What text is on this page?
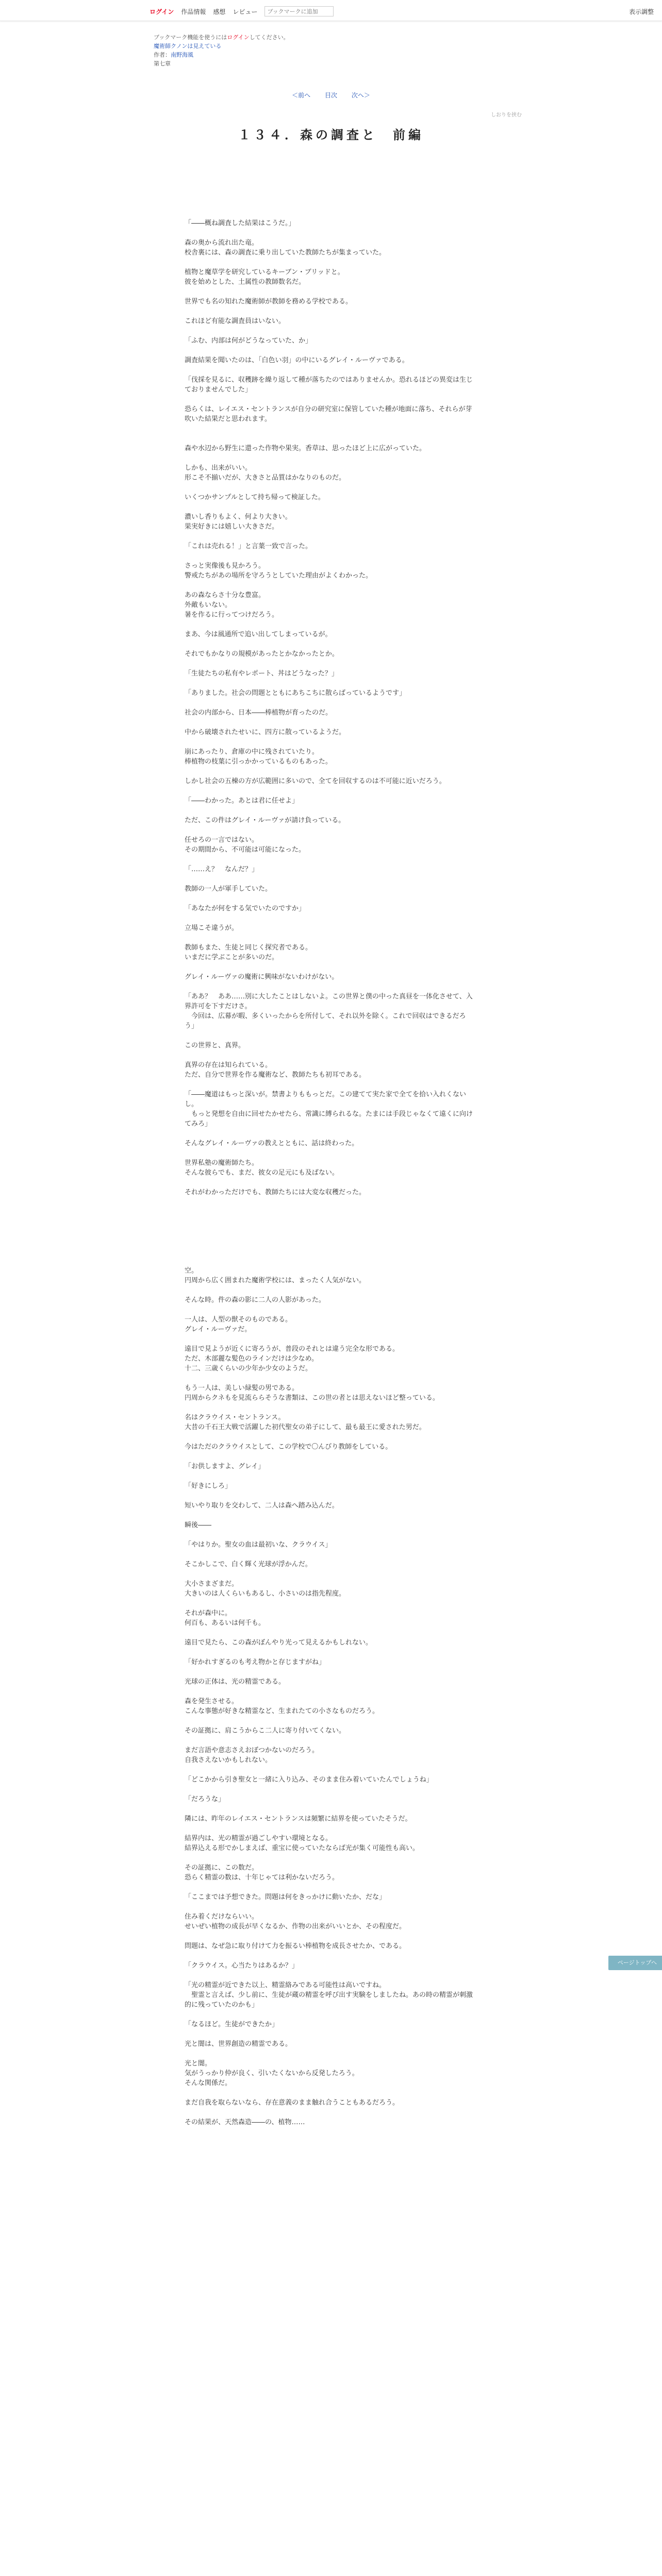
ログイン 作品情報 感想 レビュー
ブックマークに追加	表示調整
ブックマーク機能を使うにはログインしてください。
魔術師クノンは見えている
作者：南野海風
第七章
＜前へ 目次 次へ＞
しおりを挟む
１３４．森の調査と　前編

「――概ね調査した結果はこうだ。」

森の奥から流れ出た竜。

校舎裏には、森の調査に乗り出していた教師たちが集まっていた。

植物と魔草学を研究しているキーブン・ブリッドと。

彼を始めとした、土属性の教師数名だ。

世界でも名の知れた魔術師が教師を務める学校である。

これほど有能な調査員はいない。

「ふむ、内部は何がどうなっていた、か」

調査結果を聞いたのは、「白色い羽」の中にいるグレイ・ルーヴァである。

「伐採を見るに、収穫跡を繰り返して種が落ちたのではありませんか。恐れるほどの異変は生じておりませんでした」

恐らくは、レイエス・セントランスが自分の研究室に保管していた種が地面に落ち、それらが芽吹いた結果だと思われます。

森や水辺から野生に還った作物や果実。香草は、思ったほど上に広がっていた。

しかも、出来がいい。

形こそ不揃いだが、大きさと品質はかなりのものだ。

いくつかサンプルとして持ち帰って検証した。

濃いし香りもよく、何より大きい。

果実好きには嬉しい大きさだ。

「これは売れる！」と言葉一致で言った。

さっと実像後も見かろう。

警戒たちがあの場所を守ろうとしていた理由がよくわかった。

あの森ならさ十分な豊富。

外敵もいない。

暑を作るに行ってつけだろう。

まあ、今は風通所で追い出してしまっているが。

それでもかなりの規模があったとかなかったとか。

「生徒たちの私有やレポート、丼はどうなった？」

「ありました。社会の問題とともにあちこちに散らばっているようです」

社会の内部から、日本――棒植物が育ったのだ。

中から破壊されたせいに、四方に散っているようだ。

崩にあったり、倉庫の中に残されていたり。

棒植物の枝葉に引っかかっているものもあった。

しかし社会の五棟の方が広範囲に多いので、全てを回収するのは不可能に近いだろう。

「――わかった。あとは君に任せよ」

ただ、この件はグレイ・ルーヴァが請け負っている。

任せろの一言ではない。

その期間から、不可能は可能になった。

「……え？　なんだ？」

教師の一人が軍手していた。

「あなたが何をする気でいたのですか」

立場こそ違うが。

教師もまた、生徒と同じく探究者である。

いまだに学ぶことが多いのだ。

グレイ・ルーヴァの魔術に興味がないわけがない。

「ああ？　ああ……別に大したことはしないよ。この世界と僕の中った真昼を一体化させて、入界許可を下すだけさ。

　今回は、広幕が暇、多くいったからを所付して、それ以外を除く。これで回収はできるだろう」

この世界と、真界。

真界の存在は知られている。

ただ、自分で世界を作る魔術など、教師たちも初耳である。

「――魔道はもっと深いが。禁書よりももっとだ。この建てて実た家で全てを拾い入れくないし。

　もっと発想を自由に回せたかせたら、常識に縛られるな。たまには手段じゃなくて遠くに向けてみろ」

そんなグレイ・ルーヴァの教えとともに、話は終わった。

世界私塾の魔術師たち。

そんな彼らでも、まだ、彼女の足元にも及ばない。

それがわかっただけでも、教師たちには大変な収穫だった。

空。

円周から広く囲まれた魔術学校には、まったく人気がない。

そんな時。件の森の影に二人の人影があった。

一人は、人型の獣そのものである。

グレイ・ルーヴァだ。

遠目で見ようが近くに寄ろうが、普段のそれとは違う完全な形である。

ただ、木部麗な髪色のラインだけは少なめ。

十二、三歳くらいの少年か少女のようだ。

もう一人は、美しい緑髪の男である。

円周からクネもを見流ららそうな書類は、この世の者とは思えないほど整っている。

名はクラウイス・セントランス。

大昔の千石王大戦で活躍した初代聖女の弟子にして、最も最王に愛された男だ。

今はただのクラウイスとして、この学校で〇んびり教師をしている。

「お供しますよ、グレイ」

「好きにしろ」

短いやり取りを交わして、二人は森へ踏み込んだ。

瞬後――

「やはりか。聖女の血は最初いな、クラウイス」

そこかしこで、白く輝く光球が浮かんだ。

大小さまざまだ。

大きいのは人くらいもあるし、小さいのは指先程度。

それが森中に。

何百も、あるいは何千も。

遠目で見たら、この森がぼんやり光って見えるかもしれない。

「好かれすぎるのも考え物かと存じますがね」

光球の正体は、光の精霊である。

森を発生させる。

こんな事態が好きな精霊など、生まれたての小さなものだろう。

その証拠に、肩こうからこ二人に寄り付いてくない。

まだ言語や意志さえおぼつかないのだろう。

自我さえないかもしれない。

「どこかから引き聖女と一緒に入り込み、そのまま住み着いていたんでしょうね」

「だろうな」

隣には、昨年のレイエス・セントランスは頻繁に結界を使っていたそうだ。

結界内は、光の精霊が過ごしやすい環境となる。

結界込える形でかしまえば、重宝に使っていたならば光が集く可能性も高い。

その証拠に、この数だ。

恐らく精霊の数は、十年じゃては利かないだろう。

「ここまでは予想できた。問題は何をきっかけに動いたか、だな」

住み着くだけならいい。

せいぜい植物の成長が早くなるか、作物の出来がいいとか、その程度だ。

問題は、なぜ急に取り付けて力を振るい棒植物を成長させたか、である。

「クラウイス。心当たりはあるか？」

「光の精霊が近できた以上、精霊絡みである可能性は高いですね。

　聖霊と言えば、少し前に、生徒が蔵の精霊を呼び出す実験をしましたね。あの時の精霊が刺激的に残っていたのかも」

「なるほど。生徒ができたか」

光と闇は、世界創造の精霊である。

光と闇。

気がうっかり仲が良く、引いたくないから反発したろう。

そんな関係だ。

まだ自我を取らないなら、存在意義のまま触れ合うこともあるだろう。

その結果が、天然森造――の、植物……

ページトップへ
